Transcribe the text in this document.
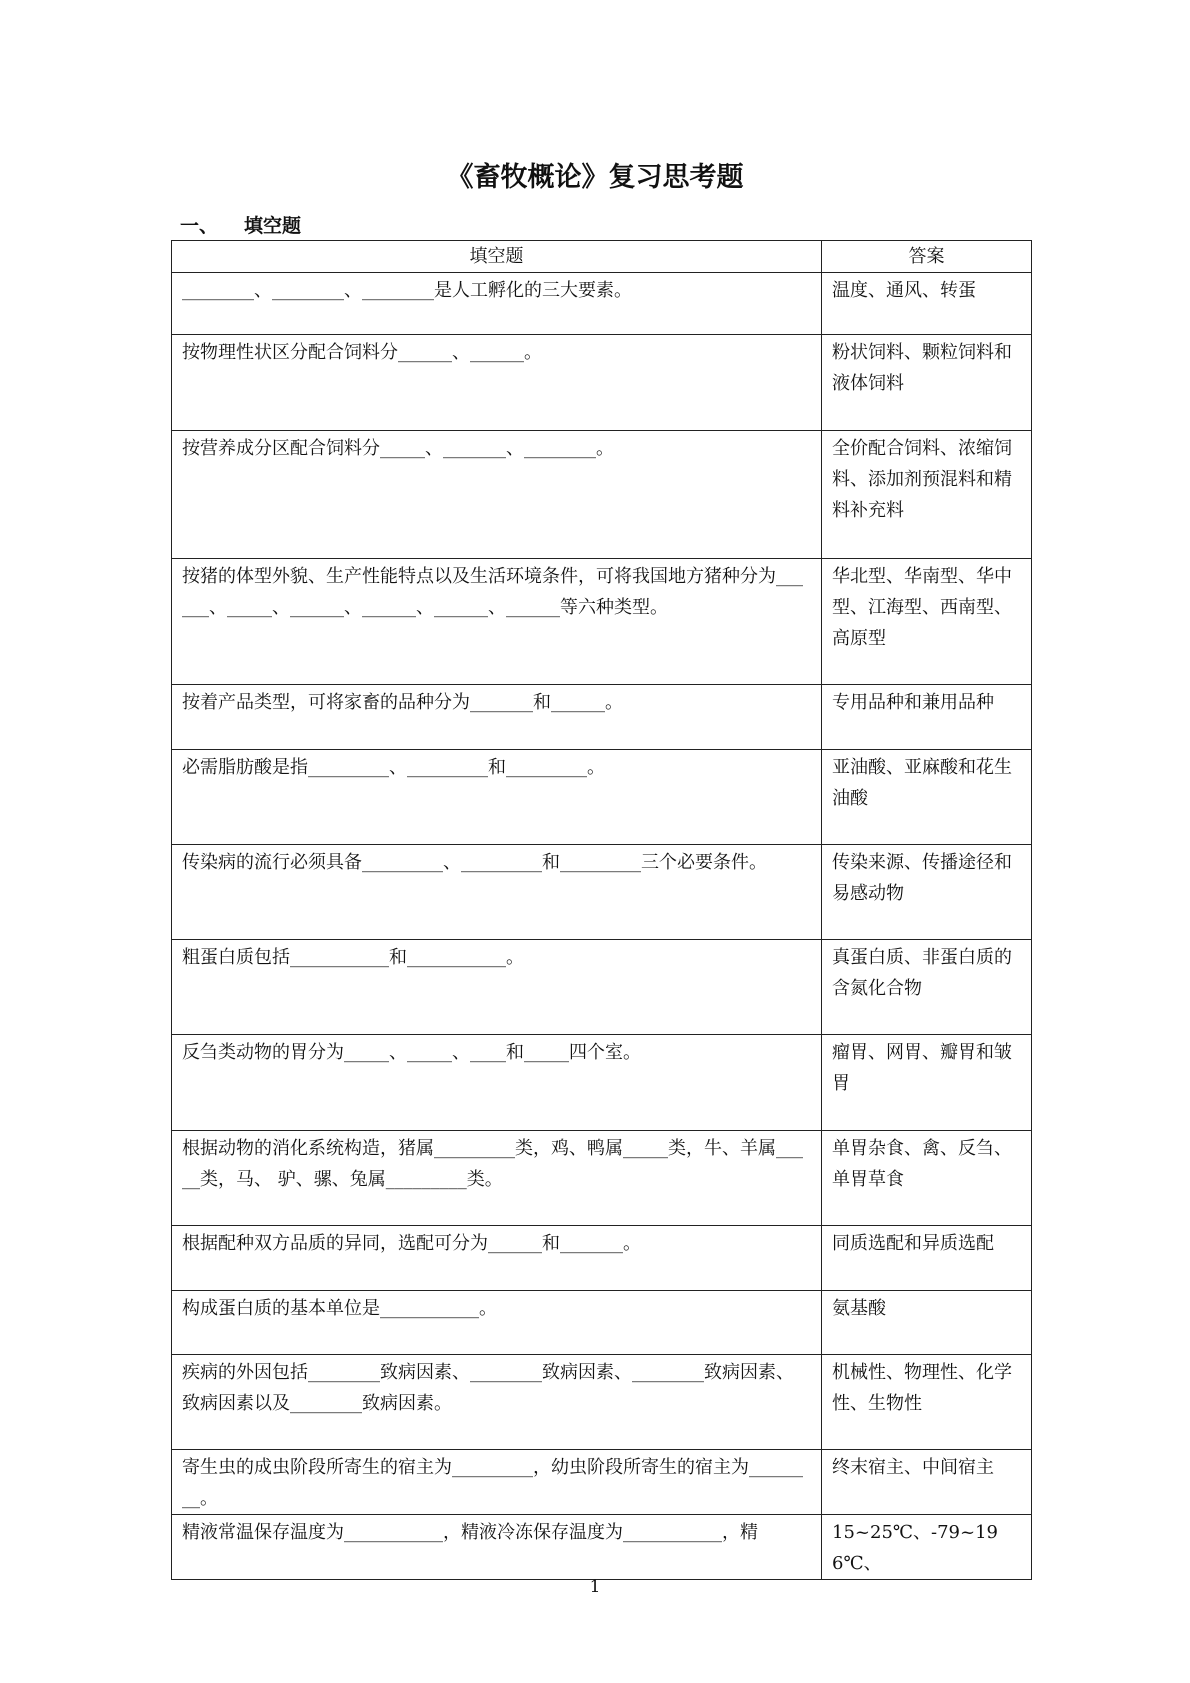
《畜牧概论》复习思考题
一、 填空题
填空题	答案
________、________、________是人工孵化的三大要素。	温度、通风、转蛋
按物理性状区分配合饲料分______、______。	粉状饲料、颗粒饲料和液体饲料
按营养成分区配合饲料分_____、_______、________。	全价配合饲料、浓缩饲料、添加剂预混料和精料补充料
按猪的体型外貌、生产性能特点以及生活环境条件，可将我国地方猪种分为______、_____、______、______、______、______等六种类型。	华北型、华南型、华中型、江海型、西南型、高原型
按着产品类型，可将家畜的品种分为_______和______。	专用品种和兼用品种
必需脂肪酸是指_________、_________和_________。	亚油酸、亚麻酸和花生油酸
传染病的流行必须具备_________、_________和_________三个必要条件。	传染来源、传播途径和易感动物
粗蛋白质包括___________和___________。	真蛋白质、非蛋白质的含氮化合物
反刍类动物的胃分为_____、_____、____和_____四个室。	瘤胃、网胃、瓣胃和皱胃
根据动物的消化系统构造，猪属_________类，鸡、鸭属_____类，牛、羊属_____类，马、 驴、骡、兔属_________类。	单胃杂食、禽、反刍、单胃草食
根据配种双方品质的异同，选配可分为______和_______。	同质选配和异质选配
构成蛋白质的基本单位是___________。	氨基酸
疾病的外因包括________致病因素、________致病因素、________致病因素、致病因素以及________致病因素。	机械性、物理性、化学性、生物性
寄生虫的成虫阶段所寄生的宿主为_________，幼虫阶段所寄生的宿主为________。	终末宿主、中间宿主
精液常温保存温度为___________，精液冷冻保存温度为___________，精	15~25℃、-79~196℃、
1
